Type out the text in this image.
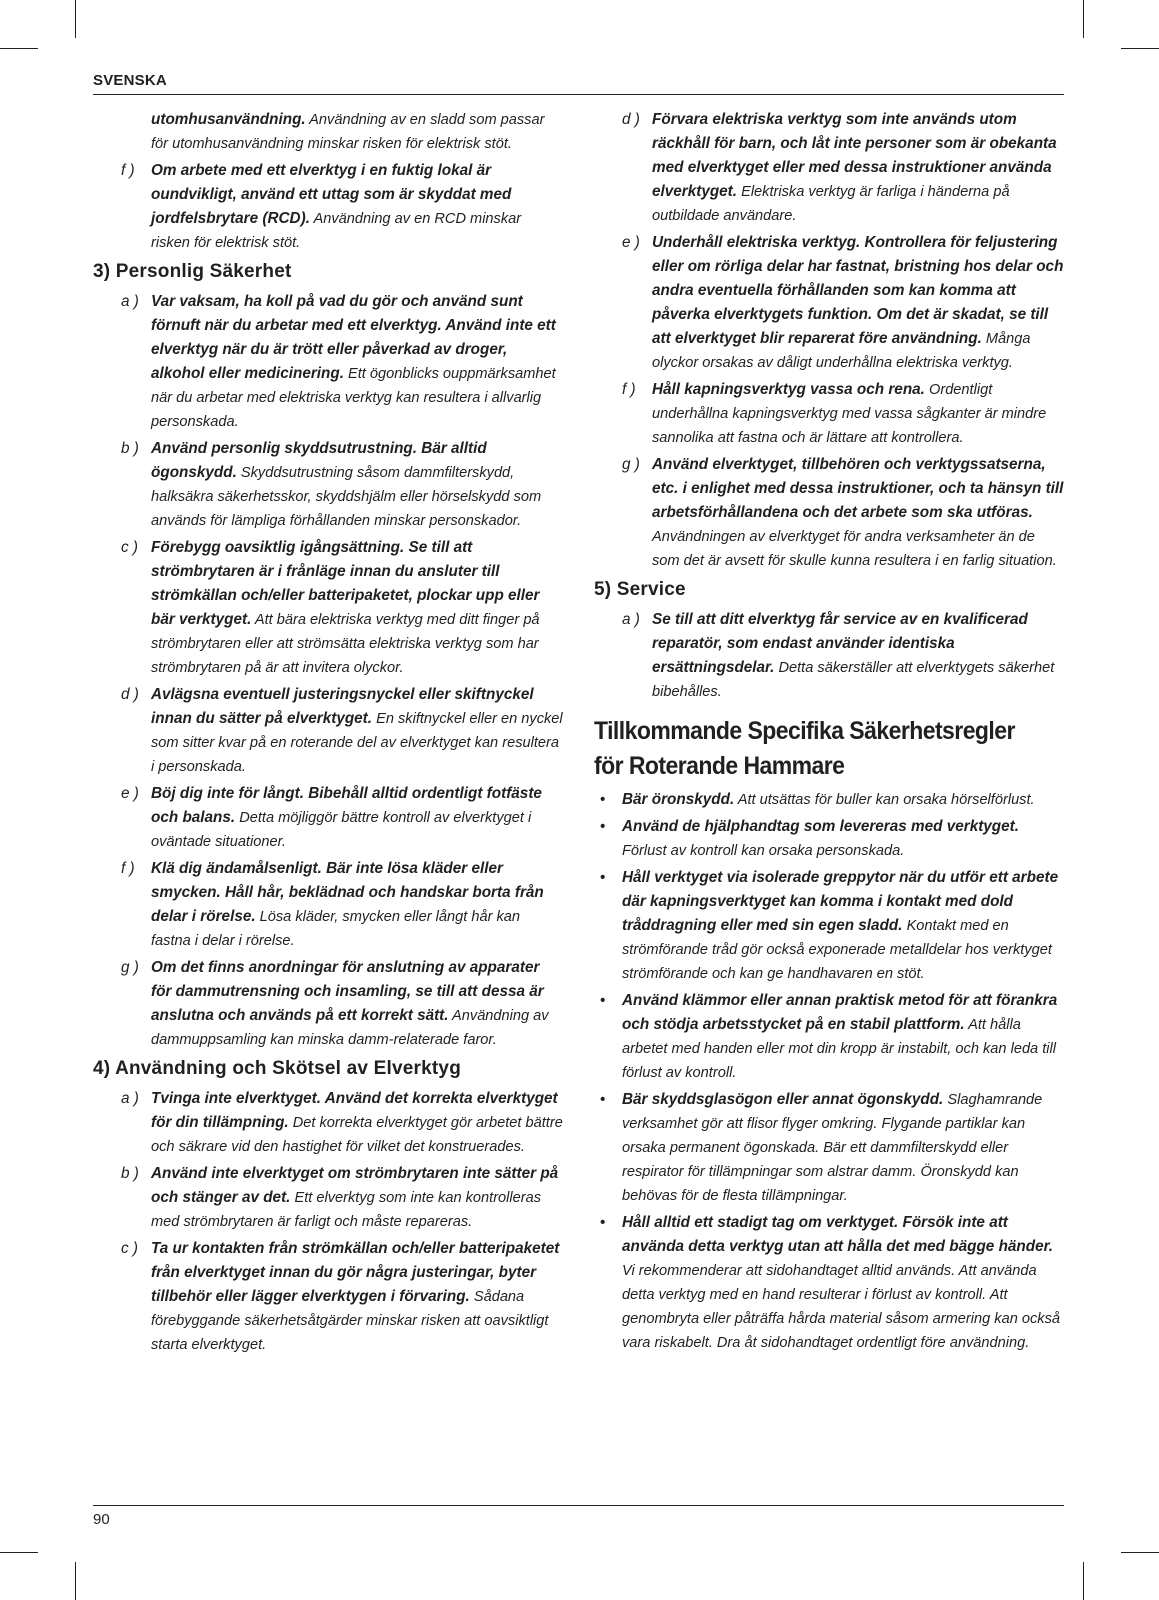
SVENSKA
90
utomhusanvändning. Användning av en sladd som passar för utomhusanvändning minskar risken för elektrisk stöt.
f ) Om arbete med ett elverktyg i en fuktig lokal är oundvikligt, använd ett uttag som är skyddat med jordfelsbrytare (RCD). Användning av en RCD minskar risken för elektrisk stöt.
3) Personlig Säkerhet
a ) Var vaksam, ha koll på vad du gör och använd sunt förnuft när du arbetar med ett elverktyg. Använd inte ett elverktyg när du är trött eller påverkad av droger, alkohol eller medicinering. Ett ögonblicks ouppmärksamhet när du arbetar med elektriska verktyg kan resultera i allvarlig personskada.
b ) Använd personlig skyddsutrustning. Bär alltid ögonskydd. Skyddsutrustning såsom dammfilterskydd, halksäkra säkerhetsskor, skyddshjälm eller hörselskydd som används för lämpliga förhållanden minskar personskador.
c ) Förebygg oavsiktlig igångsättning. Se till att strömbrytaren är i frånläge innan du ansluter till strömkällan och/eller batteripaketet, plockar upp eller bär verktyget. Att bära elektriska verktyg med ditt finger på strömbrytaren eller att strömsätta elektriska verktyg som har strömbrytaren på är att invitera olyckor.
d ) Avlägsna eventuell justeringsnyckel eller skiftnyckel innan du sätter på elverktyget. En skiftnyckel eller en nyckel som sitter kvar på en roterande del av elverktyget kan resultera i personskada.
e ) Böj dig inte för långt. Bibehåll alltid ordentligt fotfäste och balans. Detta möjliggör bättre kontroll av elverktyget i oväntade situationer.
f ) Klä dig ändamålsenligt. Bär inte lösa kläder eller smycken. Håll hår, beklädnad och handskar borta från delar i rörelse. Lösa kläder, smycken eller långt hår kan fastna i delar i rörelse.
g ) Om det finns anordningar för anslutning av apparater för dammutrensning och insamling, se till att dessa är anslutna och används på ett korrekt sätt. Användning av dammuppsamling kan minska damm-relaterade faror.
4) Användning och Skötsel av Elverktyg
a ) Tvinga inte elverktyget. Använd det korrekta elverktyget för din tillämpning. Det korrekta elverktyget gör arbetet bättre och säkrare vid den hastighet för vilket det konstruerades.
b ) Använd inte elverktyget om strömbrytaren inte sätter på och stänger av det. Ett elverktyg som inte kan kontrolleras med strömbrytaren är farligt och måste repareras.
c ) Ta ur kontakten från strömkällan och/eller batteripaketet från elverktyget innan du gör några justeringar, byter tillbehör eller lägger elverktygen i förvaring. Sådana förebyggande säkerhetsåtgärder minskar risken att oavsiktligt starta elverktyget.
d ) Förvara elektriska verktyg som inte används utom räckhåll för barn, och låt inte personer som är obekanta med elverktyget eller med dessa instruktioner använda elverktyget. Elektriska verktyg är farliga i händerna på outbildade användare.
e ) Underhåll elektriska verktyg. Kontrollera för feljustering eller om rörliga delar har fastnat, bristning hos delar och andra eventuella förhållanden som kan komma att påverka elverktygets funktion. Om det är skadat, se till att elverktyget blir reparerat före användning. Många olyckor orsakas av dåligt underhållna elektriska verktyg.
f ) Håll kapningsverktyg vassa och rena. Ordentligt underhållna kapningsverktyg med vassa sågkanter är mindre sannolika att fastna och är lättare att kontrollera.
g ) Använd elverktyget, tillbehören och verktygssatserna, etc. i enlighet med dessa instruktioner, och ta hänsyn till arbetsförhållandena och det arbete som ska utföras. Användningen av elverktyget för andra verksamheter än de som det är avsett för skulle kunna resultera i en farlig situation.
5) Service
a ) Se till att ditt elverktyg får service av en kvalificerad reparatör, som endast använder identiska ersättningsdelar. Detta säkerställer att elverktygets säkerhet bibehålles.
Tillkommande Specifika Säkerhetsregler för Roterande Hammare
• Bär öronskydd. Att utsättas för buller kan orsaka hörselförlust.
• Använd de hjälphandtag som levereras med verktyget. Förlust av kontroll kan orsaka personskada.
• Håll verktyget via isolerade greppytor när du utför ett arbete där kapningsverktyget kan komma i kontakt med dold tråddragning eller med sin egen sladd. Kontakt med en strömförande tråd gör också exponerade metalldelar hos verktyget strömförande och kan ge handhavaren en stöt.
• Använd klämmor eller annan praktisk metod för att förankra och stödja arbetsstycket på en stabil plattform. Att hålla arbetet med handen eller mot din kropp är instabilt, och kan leda till förlust av kontroll.
• Bär skyddsglasögon eller annat ögonskydd. Slaghamrande verksamhet gör att flisor flyger omkring. Flygande partiklar kan orsaka permanent ögonskada. Bär ett dammfilterskydd eller respirator för tillämpningar som alstrar damm. Öronskydd kan behövas för de flesta tillämpningar.
• Håll alltid ett stadigt tag om verktyget. Försök inte att använda detta verktyg utan att hålla det med bägge händer. Vi rekommenderar att sidohandtaget alltid används. Att använda detta verktyg med en hand resulterar i förlust av kontroll. Att genombryta eller påträffa hårda material såsom armering kan också vara riskabelt. Dra åt sidohandtaget ordentligt före användning.
